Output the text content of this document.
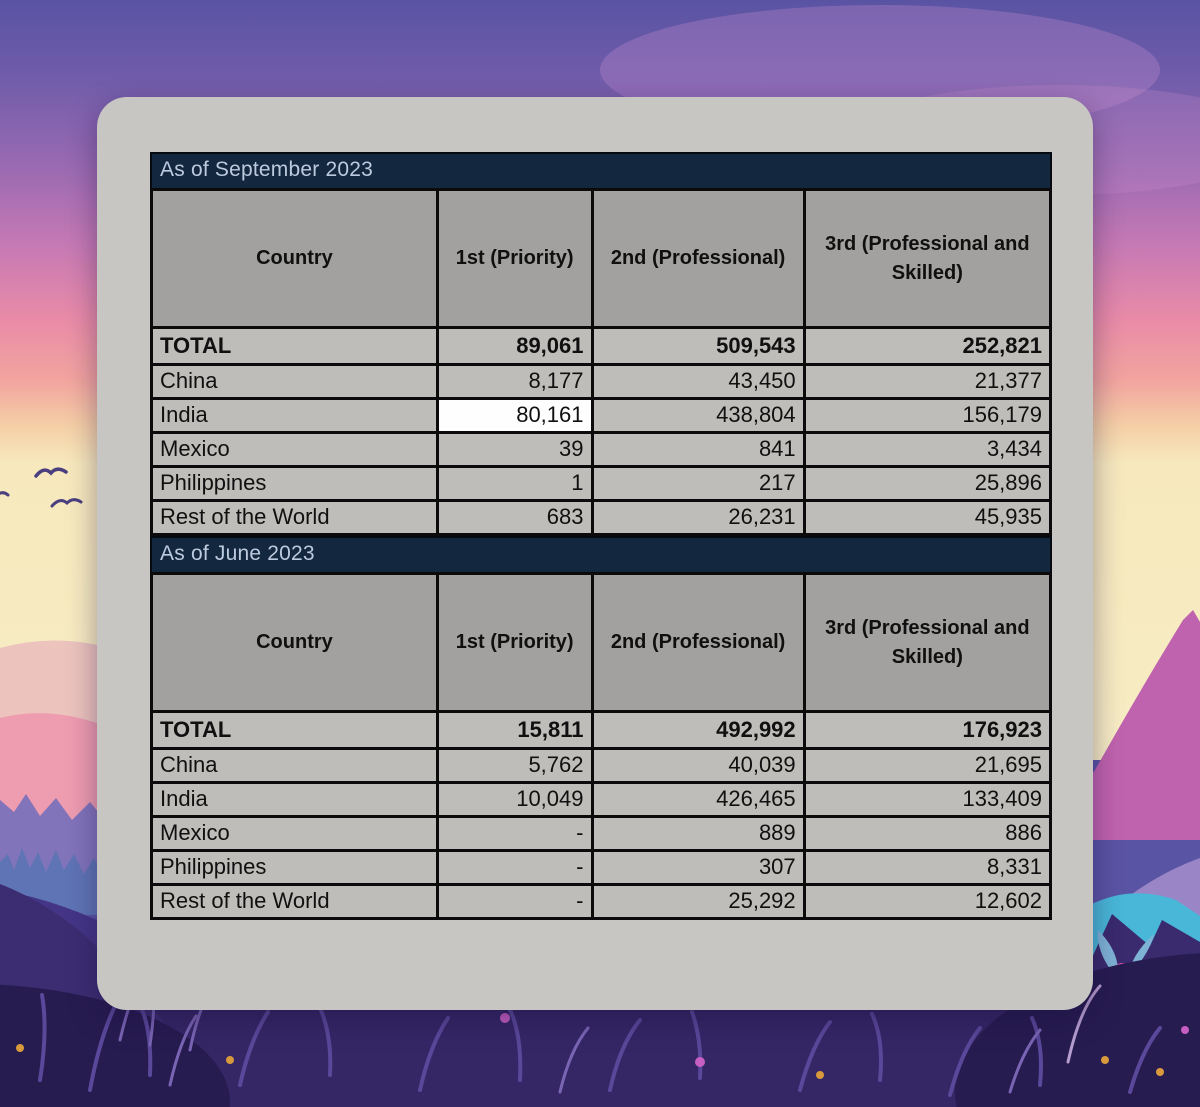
As of September 2023
Country	1st (Priority)	2nd (Professional)	3rd (Professional and Skilled)
TOTAL	89,061	509,543	252,821
China	8,177	43,450	21,377
India	80,161	438,804	156,179
Mexico	39	841	3,434
Philippines	1	217	25,896
Rest of the World	683	26,231	45,935
As of June 2023
Country	1st (Priority)	2nd (Professional)	3rd (Professional and Skilled)
TOTAL	15,811	492,992	176,923
China	5,762	40,039	21,695
India	10,049	426,465	133,409
Mexico	-	889	886
Philippines	-	307	8,331
Rest of the World	-	25,292	12,602
